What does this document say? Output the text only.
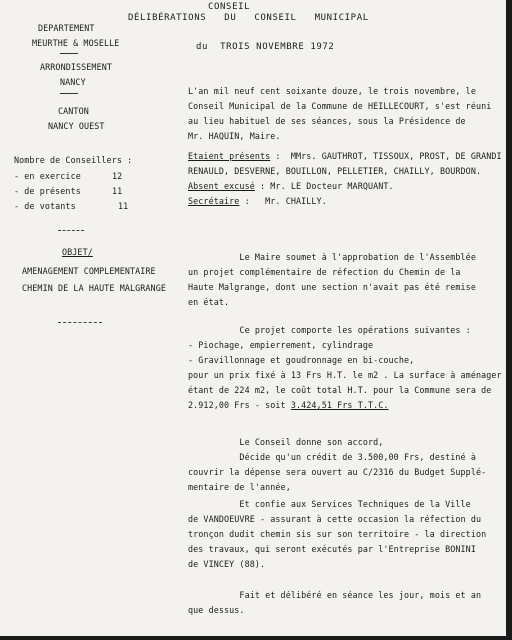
CONSEIL
DÉLIBÉRATIONS   DU   CONSEIL   MUNICIPAL
du  TROIS NOVEMBRE 1972
DEPARTEMENT
MEURTHE & MOSELLE
ARRONDISSEMENT
NANCY
CANTON
NANCY OUEST
Nombre de Conseillers :
- en exercice	12
- de présents	11
- de votants	11
OBJET/
AMENAGEMENT COMPLEMENTAIRE
CHEMIN DE LA HAUTE MALGRANGE
L'an mil neuf cent soixante douze, le trois novembre, le
Conseil Municipal de la Commune de HEILLECOURT, s'est réuni
au lieu habituel de ses séances, sous la Présidence de
Mr. HAQUIN, Maire.
Etaient présents :  MMrs. GAUTHROT, TISSOUX, PROST, DE GRANDI
RENAULD, DESVERNE, BOUILLON, PELLETIER, CHAILLY, BOURDON.
Absent excusé : Mr. LE Docteur MARQUANT.
Secrétaire :   Mr. CHAILLY.
Le Maire soumet à l'approbation de l'Assemblée
un projet complémentaire de réfection du Chemin de la
Haute Malgrange, dont une section n'avait pas été remise
en état.
Ce projet comporte les opérations suivantes :
- Piochage, empierrement, cylindrage
- Gravillonnage et goudronnage en bi-couche,
pour un prix fixé à 13 Frs H.T. le m2 . La surface à aménager
étant de 224 m2, le coût total H.T. pour la Commune sera de
2.912,00 Frs - soit 3.424,51 Frs T.T.C.
Le Conseil donne son accord,
Décide qu'un crédit de 3.500,00 Frs, destiné à
couvrir la dépense sera ouvert au C/2316 du Budget Supplé-
mentaire de l'année,
Et confie aux Services Techniques de la Ville
de VANDOEUVRE - assurant à cette occasion la réfection du
tronçon dudit chemin sis sur son territoire - la direction
des travaux, qui seront exécutés par l'Entreprise BONINI
de VINCEY (88).
Fait et délibéré en séance les jour, mois et an
que dessus.
